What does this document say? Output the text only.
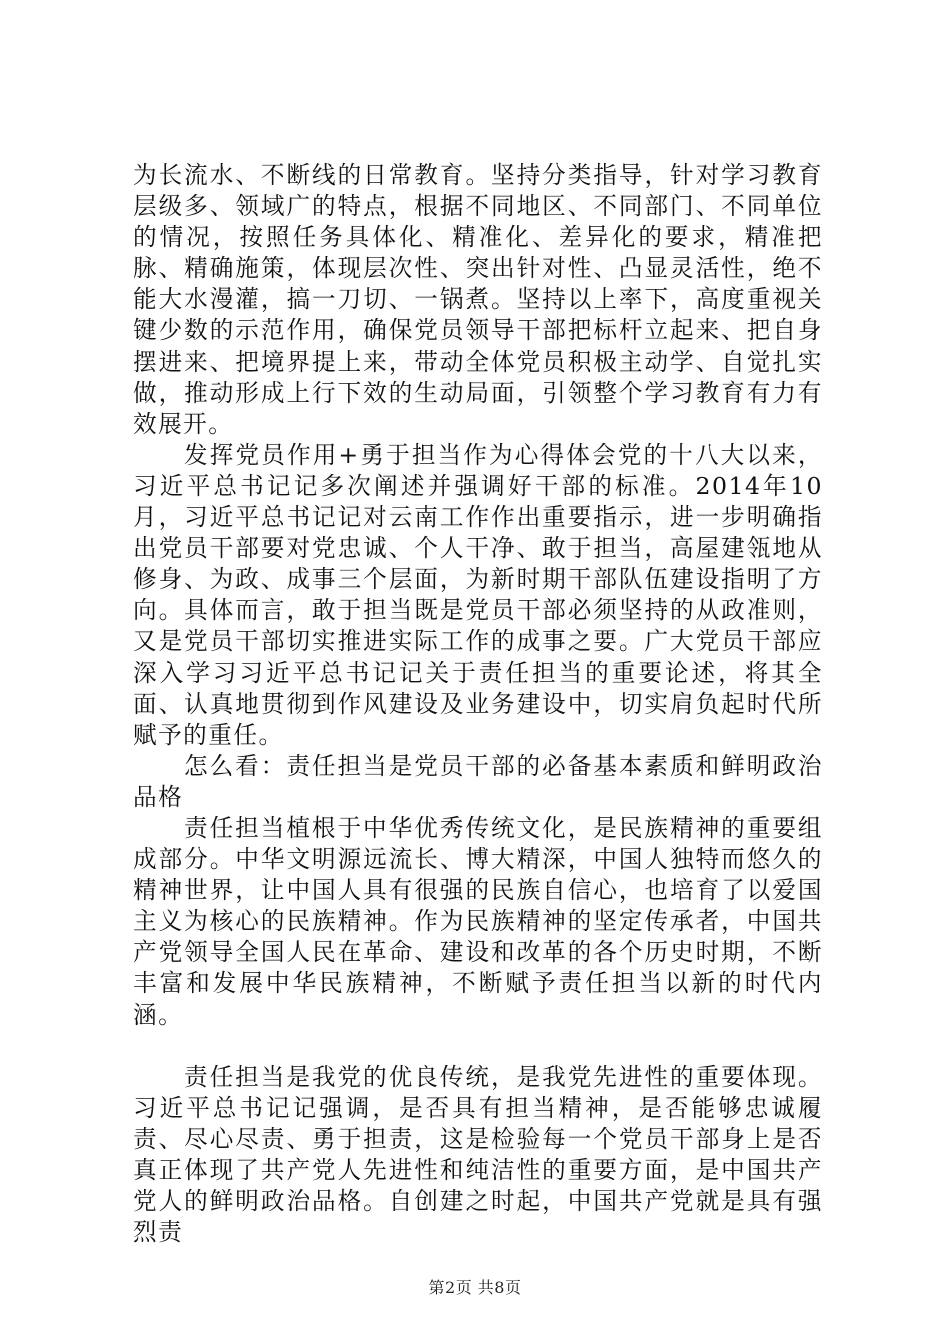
为长流水、不断线的日常教育。坚持分类指导，针对学习教育层级多、领域广的特点，根据不同地区、不同部门、不同单位的情况，按照任务具体化、精准化、差异化的要求，精准把脉、精确施策，体现层次性、突出针对性、凸显灵活性，绝不能大水漫灌，搞一刀切、一锅煮。坚持以上率下，高度重视关键少数的示范作用，确保党员领导干部把标杆立起来、把自身摆进来、把境界提上来，带动全体党员积极主动学、自觉扎实做，推动形成上行下效的生动局面，引领整个学习教育有力有效展开。

发挥党员作用+勇于担当作为心得体会党的十八大以来，习近平总书记记多次阐述并强调好干部的标准。2014年10月，习近平总书记记对云南工作作出重要指示，进一步明确指出党员干部要对党忠诚、个人干净、敢于担当，高屋建瓴地从修身、为政、成事三个层面，为新时期干部队伍建设指明了方向。具体而言，敢于担当既是党员干部必须坚持的从政准则，又是党员干部切实推进实际工作的成事之要。广大党员干部应深入学习习近平总书记记关于责任担当的重要论述，将其全面、认真地贯彻到作风建设及业务建设中，切实肩负起时代所赋予的重任。

怎么看：责任担当是党员干部的必备基本素质和鲜明政治品格

责任担当植根于中华优秀传统文化，是民族精神的重要组成部分。中华文明源远流长、博大精深，中国人独特而悠久的精神世界，让中国人具有很强的民族自信心，也培育了以爱国主义为核心的民族精神。作为民族精神的坚定传承者，中国共产党领导全国人民在革命、建设和改革的各个历史时期，不断丰富和发展中华民族精神，不断赋予责任担当以新的时代内涵。

责任担当是我党的优良传统，是我党先进性的重要体现。习近平总书记记强调，是否具有担当精神，是否能够忠诚履责、尽心尽责、勇于担责，这是检验每一个党员干部身上是否真正体现了共产党人先进性和纯洁性的重要方面，是中国共产党人的鲜明政治品格。自创建之时起，中国共产党就是具有强烈责

第2页 共8页
